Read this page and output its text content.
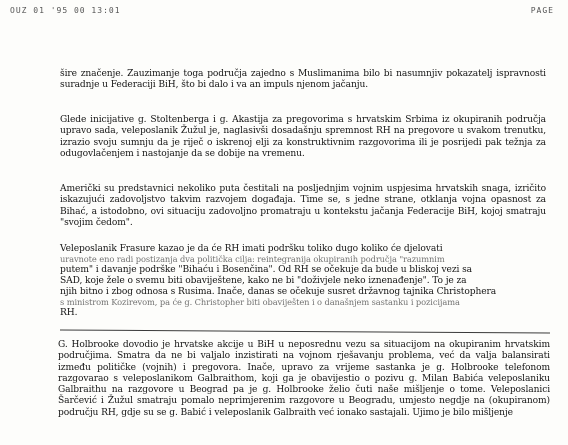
OUZ 01 '95 00 13:01	PAGE
šire značenje. Zauzimanje toga područja zajedno s Muslimanima bilo bi nasumnjiv pokazatelj ispravnosti suradnje u Federaciji BiH, što bi dalo i va an impuls njenom jačanju.
Glede inicijative g. Stoltenberga i g. Akastija za pregovorima s hrvatskim Srbima iz okupiranih područja upravo sada, veleposlanik Žužul je, naglasivši dosadašnju spremnost RH na pregovore u svakom trenutku, izrazio svoju sumnju da je riječ o iskrenoj elji za konstruktivnim razgovorima ili je posrijedi pak težnja za odugovlačenjem i nastojanje da se dobije na vremenu.
Američki su predstavnici nekoliko puta čestitali na posljednjim vojnim uspjesima hrvatskih snaga, izričito iskazujući zadovoljstvo takvim razvojem događaja. Time se, s jedne strane, otklanja vojna opasnost za Bihać, a istodobno, ovi situaciju zadovoljno promatraju u kontekstu jačanja Federacije BiH, kojoj smatraju "svojim čedom".
Veleposlanik Frasure kazao je da će RH imati podršku toliko dugo koliko će djelovati
uravnote eno radi postizanja dva politička cilja: reintegranija okupiranih područja "razumnim
putem" i davanje podrške "Bihaću i Bosenčina". Od RH se očekuje da bude u bliskoj vezi sa
SAD, koje žele o svemu biti obaviještene, kako ne bi "doživjele neko iznenađenje". To je za
njih bitno i zbog odnosa s Rusima. Inače, danas se očekuje susret državnog tajnika Christophera
s ministrom Kozirevom, pa će g. Christopher biti obaviješten i o današnjem sastanku i pozicijama
RH.
G. Holbrooke dovodio je hrvatske akcije u BiH u neposrednu vezu sa situacijom na okupiranim hrvatskim područjima. Smatra da ne bi valjalo inzistirati na vojnom rješavanju problema, već da valja balansirati između političke (vojnih) i pregovora. Inače, upravo za vrijeme sastanka je g. Holbrooke telefonom razgovarao s veleposlanikom Galbraithom, koji ga je obavijestio o pozivu g. Milan Babića veleposlaniku Galbraithu na razgovore u Beograd pa je g. Holbrooke želio čuti naše mišljenje o tome. Veleposlanici Šarčević i Žužul smatraju pomalo neprimjerenim razgovore u Beogradu, umjesto negdje na (okupiranom) području RH, gdje su se g. Babić i veleposlanik Galbraith već ionako sastajali. Ujimo je bilo mišljenje
